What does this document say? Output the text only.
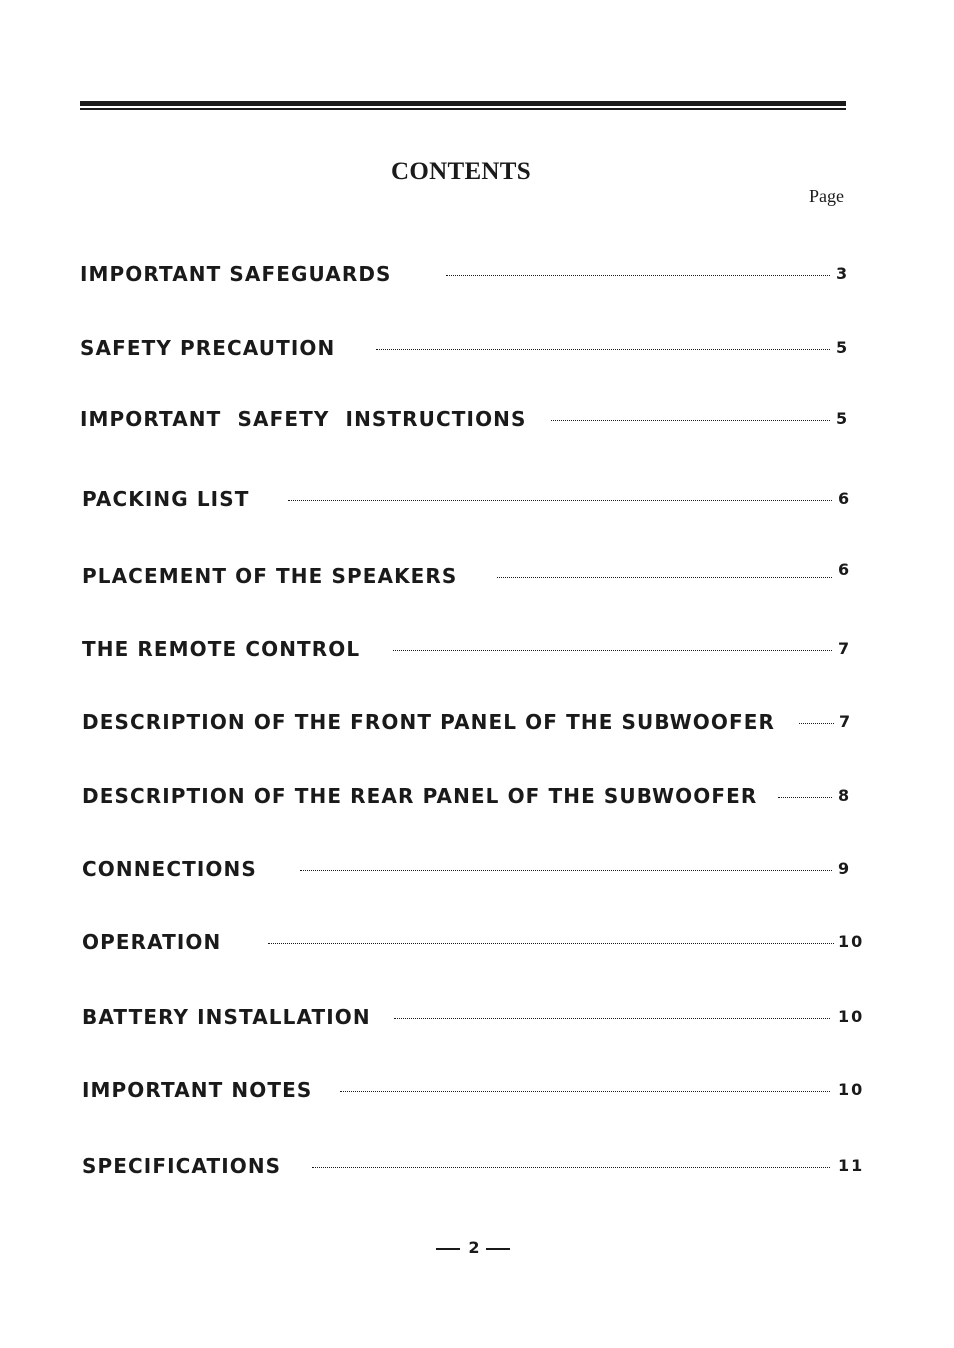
CONTENTS
Page
IMPORTANT SAFEGUARDS	3
SAFETY PRECAUTION	5
IMPORTANT  SAFETY  INSTRUCTIONS	5
PACKING LIST	6
PLACEMENT OF THE SPEAKERS	6
THE REMOTE CONTROL	7
DESCRIPTION OF THE FRONT PANEL OF THE SUBWOOFER	7
DESCRIPTION OF THE REAR PANEL OF THE SUBWOOFER	8
CONNECTIONS	9
OPERATION	10
BATTERY INSTALLATION	10
IMPORTANT NOTES	10
SPECIFICATIONS	11
2
